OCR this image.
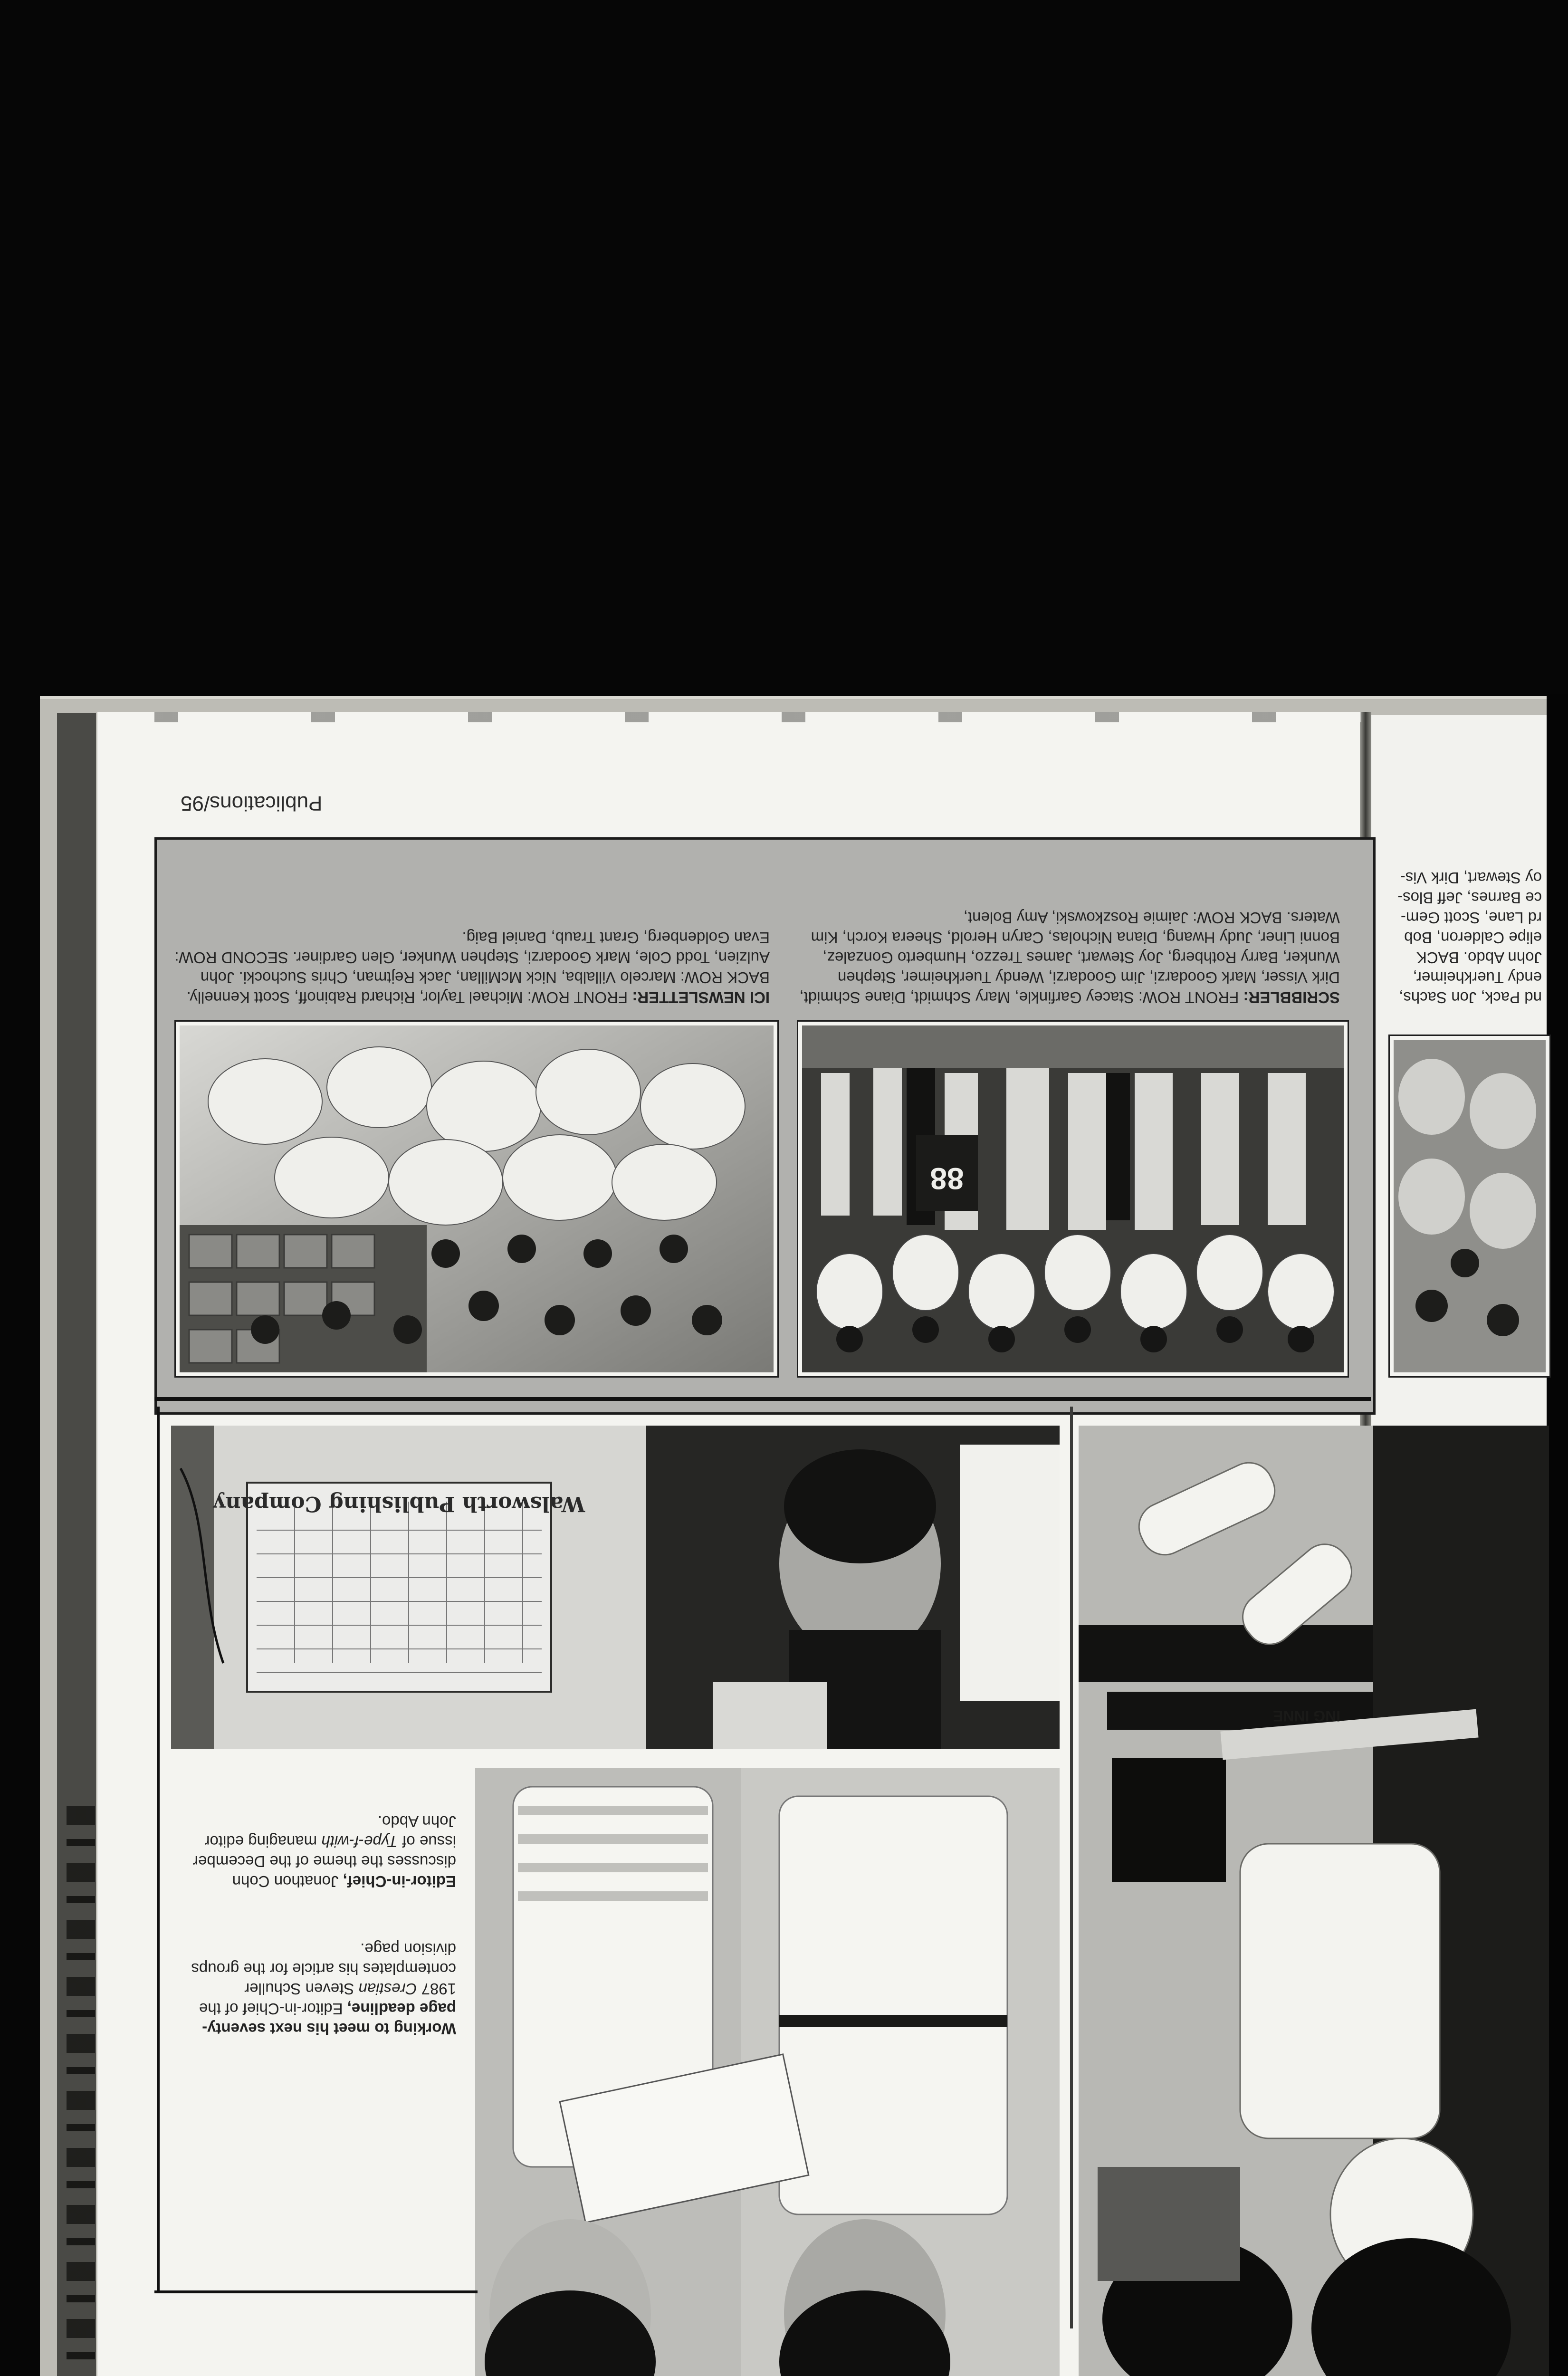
Publications/95
88
ICI NEWSLETTER: FRONT ROW: Michael Taylor, Richard Rabinoff, Scott Kennelly. BACK ROW: Marcelo Villalba, Nick McMillan, Jack Rejtman, Chris Suchocki. John Aulzien, Todd Cole, Mark Goodarzi, Stephen Wunker, Glen Gardiner. SECOND ROW: Evan Goldenberg, Grant Traub, Daniel Baig.
SCRIBBLER: FRONT ROW: Stacey Garfinkle, Mary Schmidt, Diane Schmidt, Dirk Visser, Mark Goodarzi, Jim Goodarzi, Wendy Tuerkheimer, Stephen Wunker, Barry Rothberg, Joy Stewart, James Trezzo, Humberto Gonzalez, Bonni Liner, Judy Hwang, Diana Nicholas, Caryn Herold, Sheera Korch, Kim Waters. BACK ROW: Jaimie Roszkowski, Amy Bolent,
nd Pack, Jon Sachs, endy Tuerkheimer, John Abdo. BACK elipe Calderon, Bob rd Lane, Scott Gem- ce Barnes, Jeff Blos- oy Stewart, Dirk Vis-
Walsworth Publishing Company
Editor-in-Chief, Jonathon Cohn discusses the theme of the December issue of Type-f-with managing editor John Abdo.
Working to meet his next seventy-page deadline, Editor-in-Chief of the 1987 Crestian Steven Schuller contemplates his article for the groups division page.
ING INNE
